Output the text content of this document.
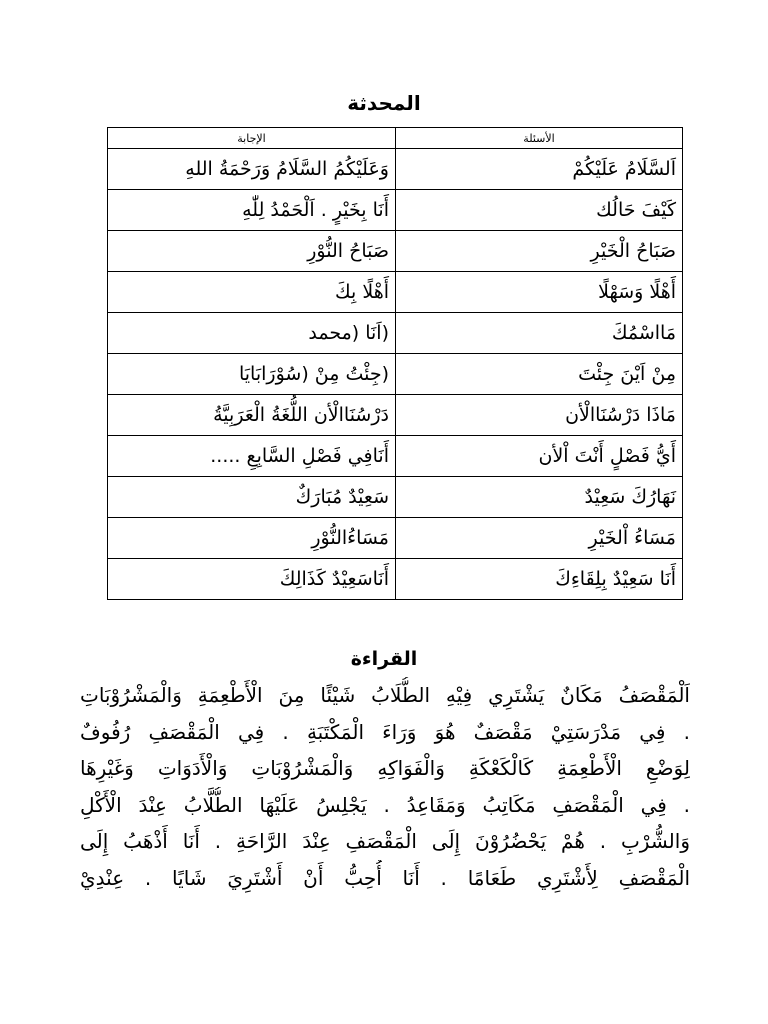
المحدثة
الأسئلة	الإجابة
اَلسَّلَامُ عَلَيْكُمْ	وَعَلَيْكُمُ السَّلَامُ وَرَحْمَةُ اللهِ
كَيْفَ حَالُك	أَنَا بِخَيْرٍ . اَلْحَمْدُ لِلّٰهِ
صَبَاحُ الْخَيْرِ	صَبَاحُ النُّوْرِ
أَهْلًا وَسَهْلًا	أَهْلًا بِكَ
مَااسْمُكَ	(اَنَا (محمد
مِنْ اَيْنَ جِئْتَ	(جِئْتُ مِنْ (سُوْرَابَايَا
مَاذَا دَرْسُنَاالْأن	دَرْسُنَاالْأن اللُّغَةُ الْعَرَبِيَّةُ
أَيُّ فَصْلٍ أَنْتَ اْلأن	أَنَافِي فَصْلِ السَّابِعِ .....
نَهَارُكَ سَعِيْدٌ	سَعِيْدٌ مُبَارَكٌ
مَسَاءُ اْلخَيْرِ	مَسَاءُالنُّوْرِ
أَنَا سَعِيْدٌ بِلِقَاءِكَ	أَنَاسَعِيْدٌ كَذَالِكَ
القراءة
اَلْمَقْصَفُ مَكَانٌ يَشْتَرِي فِيْهِ الطُّلَابُ شَيْئًا مِنَ الْأَطْعِمَةِ وَالْمَشْرُوْبَاتِ
. فِي مَدْرَسَتِيْ مَقْصَفٌ هُوَ وَرَاءَ الْمَكْتَبَةِ . فِي الْمَقْصَفِ رُفُوفٌ
لِوَضْعِ الْأَطْعِمَةِ كَالْكَعْكَةِ وَالْفَوَاكِهِ وَالْمَشْرُوْبَاتِ وَالْأَدَوَاتِ وَغَيْرِهَا
. فِي الْمَقْصَفِ مَكَاتِبُ وَمَقَاعِدُ . يَجْلِسُ عَلَيْهَا الطُّلَّابُ عِنْدَ الْأَكْلِ
وَالشُّرْبِ . هُمْ يَحْضُرُوْنَ إِلَى الْمَقْصَفِ عِنْدَ الرَّاحَةِ . أَنَا أَذْهَبُ إِلَى
الْمَقْصَفِ لِأَشْتَرِي طَعَامًا . أَنَا أُحِبُّ أَنْ أَشْتَرِيَ شَايًا . عِنْدِيْ
